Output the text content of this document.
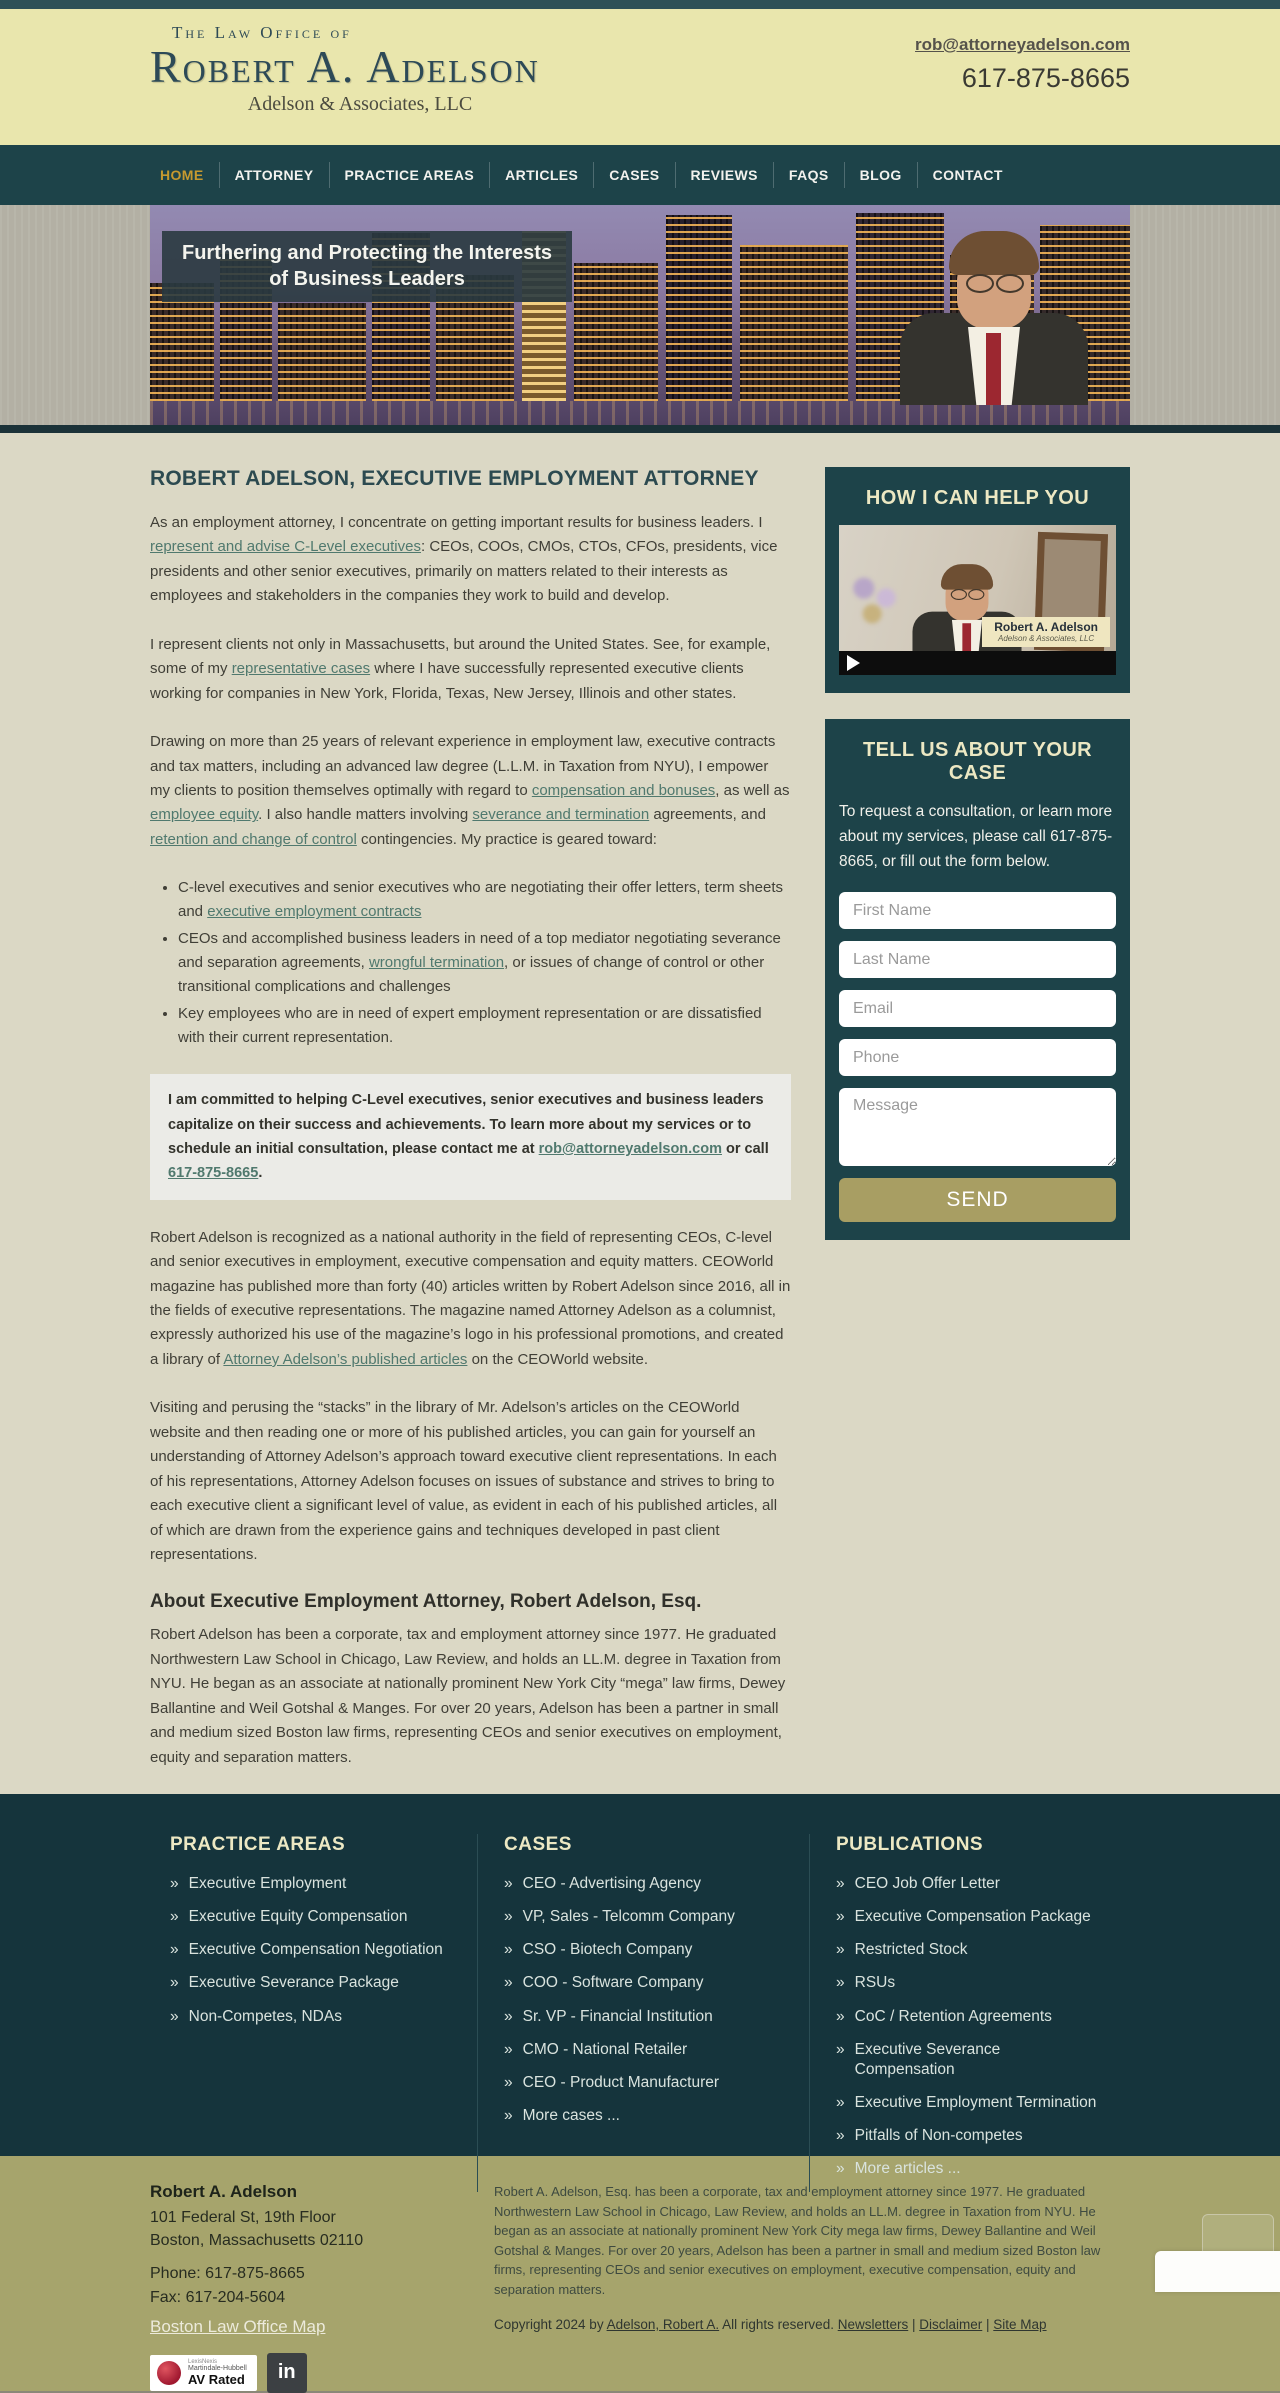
The Law Office of
Robert A. Adelson
Adelson & Associates, LLC
rob@attorneyadelson.com
617-875-8665
HOME	ATTORNEY	PRACTICE AREAS	ARTICLES	CASES	REVIEWS	FAQS	BLOG	CONTACT
Furthering and Protecting the Interests
of Business Leaders
ROBERT ADELSON, EXECUTIVE EMPLOYMENT ATTORNEY

As an employment attorney, I concentrate on getting important results for business leaders. I represent and advise C-Level executives: CEOs, COOs, CMOs, CTOs, CFOs, presidents, vice presidents and other senior executives, primarily on matters related to their interests as employees and stakeholders in the companies they work to build and develop.

I represent clients not only in Massachusetts, but around the United States. See, for example, some of my representative cases where I have successfully represented executive clients working for companies in New York, Florida, Texas, New Jersey, Illinois and other states.

Drawing on more than 25 years of relevant experience in employment law, executive contracts and tax matters, including an advanced law degree (L.L.M. in Taxation from NYU), I empower my clients to position themselves optimally with regard to compensation and bonuses, as well as employee equity. I also handle matters involving severance and termination agreements, and retention and change of control contingencies. My practice is geared toward:

• C-level executives and senior executives who are negotiating their offer letters, term sheets and executive employment contracts
• CEOs and accomplished business leaders in need of a top mediator negotiating severance and separation agreements, wrongful termination, or issues of change of control or other transitional complications and challenges
• Key employees who are in need of expert employment representation or are dissatisfied with their current representation.
I am committed to helping C-Level executives, senior executives and business leaders capitalize on their success and achievements. To learn more about my services or to schedule an initial consultation, please contact me at rob@attorneyadelson.com or call 617-875-8665.

Robert Adelson is recognized as a national authority in the field of representing CEOs, C-level and senior executives in employment, executive compensation and equity matters. CEOWorld magazine has published more than forty (40) articles written by Robert Adelson since 2016, all in the fields of executive representations. The magazine named Attorney Adelson as a columnist, expressly authorized his use of the magazine’s logo in his professional promotions, and created a library of Attorney Adelson’s published articles on the CEOWorld website.

Visiting and perusing the “stacks” in the library of Mr. Adelson’s articles on the CEOWorld website and then reading one or more of his published articles, you can gain for yourself an understanding of Attorney Adelson’s approach toward executive client representations. In each of his representations, Attorney Adelson focuses on issues of substance and strives to bring to each executive client a significant level of value, as evident in each of his published articles, all of which are drawn from the experience gains and techniques developed in past client representations.

About Executive Employment Attorney, Robert Adelson, Esq.

Robert Adelson has been a corporate, tax and employment attorney since 1977. He graduated Northwestern Law School in Chicago, Law Review, and holds an LL.M. degree in Taxation from NYU. He began as an associate at nationally prominent New York City “mega” law firms, Dewey Ballantine and Weil Gotshal & Manges. For over 20 years, Adelson has been a partner in small and medium sized Boston law firms, representing CEOs and senior executives on employment, equity and separation matters.

HOW I CAN HELP YOU
Robert A. Adelson
Adelson & Associates, LLC
TELL US ABOUT YOUR CASE

To request a consultation, or learn more about my services, please call 617-875-8665, or fill out the form below.

First Name
Last Name
Email
Phone
Message
SEND
PRACTICE AREAS
»
Executive Employment
»
Executive Equity Compensation
»
Executive Compensation Negotiation
»
Executive Severance Package
»
Non-Competes, NDAs
CASES
»
CEO - Advertising Agency
»
VP, Sales - Telcomm Company
»
CSO - Biotech Company
»
COO - Software Company
»
Sr. VP - Financial Institution
»
CMO - National Retailer
»
CEO - Product Manufacturer
»
More cases ...
PUBLICATIONS
»
CEO Job Offer Letter
»
Executive Compensation Package
»
Restricted Stock
»
RSUs
»
CoC / Retention Agreements
»
Executive Severance Compensation
»
Executive Employment Termination
»
Pitfalls of Non-competes
»
More articles ...
Robert A. Adelson
101 Federal St, 19th Floor
Boston, Massachusetts 02110
Phone: 617-875-8665
Fax: 617-204-5604
Boston Law Office Map
LexisNexis
Martindale-Hubbell
AV Rated	in

Robert A. Adelson, Esq. has been a corporate, tax and employment attorney since 1977. He graduated Northwestern Law School in Chicago, Law Review, and holds an LL.M. degree in Taxation from NYU. He began as an associate at nationally prominent New York City mega law firms, Dewey Ballantine and Weil Gotshal & Manges. For over 20 years, Adelson has been a partner in small and medium sized Boston law firms, representing CEOs and senior executives on employment, executive compensation, equity and separation matters.

Copyright 2024 by Adelson, Robert A. All rights reserved. Newsletters | Disclaimer | Site Map
